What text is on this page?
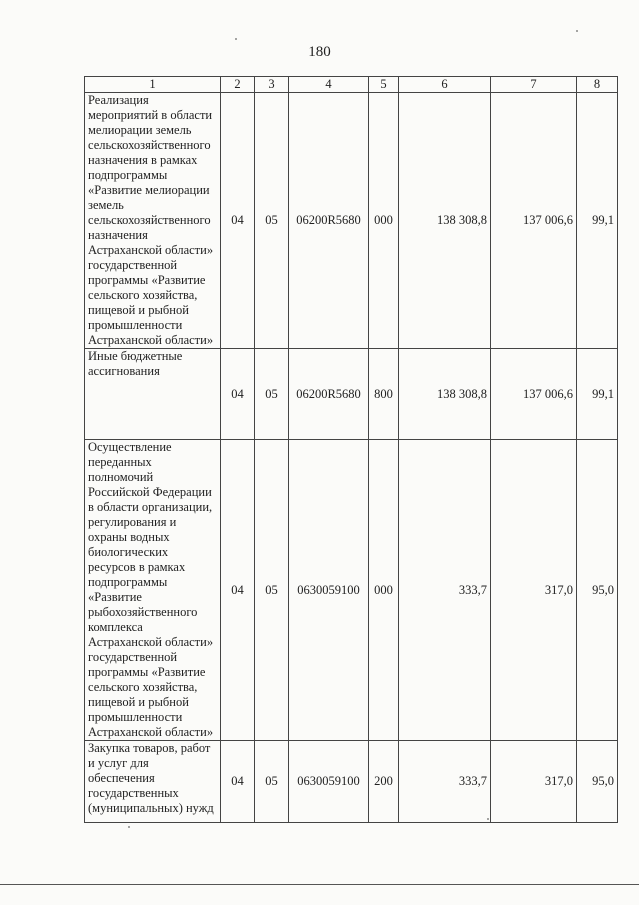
180
1	2	3	4	5	6	7	8
Реализация мероприятий в области мелиорации земель сельскохозяйственного назначения в рамках подпрограммы «Развитие мелиорации земель сельскохозяйственного назначения Астраханской области» государственной программы «Развитие сельского хозяйства, пищевой и рыбной промышленности Астраханской области»	04	05	06200R5680	000	138 308,8	137 006,6	99,1
Иные бюджетные ассигнования	04	05	06200R5680	800	138 308,8	137 006,6	99,1
Осуществление переданных полномочий Российской Федерации в области организации, регулирования и охраны водных биологических ресурсов в рамках подпрограммы «Развитие рыбохозяйственного комплекса Астраханской области» государственной программы «Развитие сельского хозяйства, пищевой и рыбной промышленности Астраханской области»	04	05	0630059100	000	333,7	317,0	95,0
Закупка товаров, работ и услуг для обеспечения государственных (муниципальных) нужд	04	05	0630059100	200	333,7	317,0	95,0
